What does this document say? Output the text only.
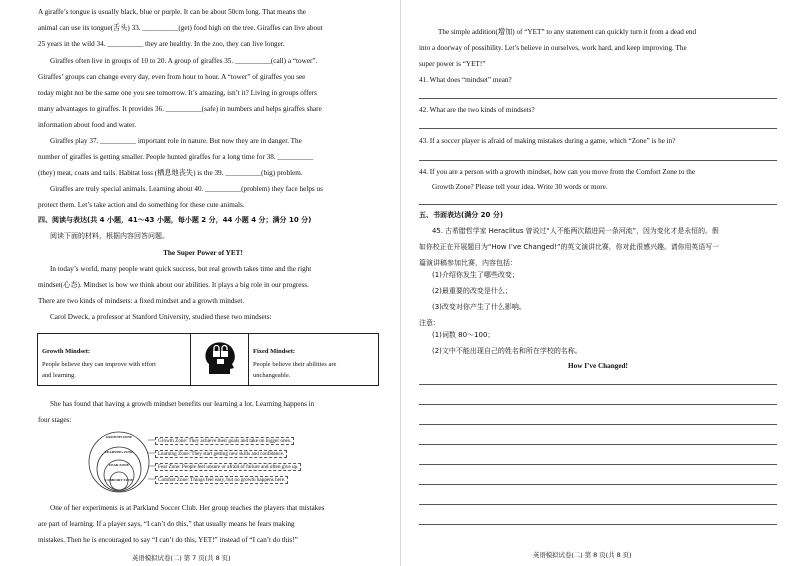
A giraffe’s tongue is usually black, blue or purple. It can be about 50cm long. That means the
animal can use its tongue(舌头) 33. __________(get) food high on the tree. Giraffes can live about
25 years in the wild 34. __________ they are healthy. In the zoo, they can live longer.
Giraffes often live in groups of 10 to 20. A group of giraffes 35. __________(call) a “tower”.
Giraffes’ groups can change every day, even from hour to hour. A “tower” of giraffes you see
today might not be the same one you see tomorrow. It’s amazing, isn’t it? Living in groups offers
many advantages to giraffes. It provides 36. __________(safe) in numbers and helps giraffes share
information about food and water.
Giraffes play 37. __________ important role in nature. But now they are in danger. The
number of giraffes is getting smaller. People hunted giraffes for a long time for 38. __________
(they) meat, coats and tails. Habitat loss (栖息地丧失) is the 39. __________(big) problem.
Giraffes are truly special animals. Learning about 40. __________(problem) they face helps us
protect them. Let’s take action and do something for these cute animals.
四、阅读与表达(共 4 小题，41～43 小题，每小题 2 分，44 小题 4 分；满分 10 分)
阅读下面的材料，根据内容回答问题。
The Super Power of YET!
In today’s world, many people want quick success, but real growth takes time and the right
mindset(心态). Mindset is how we think about our abilities. It plays a big role in our progress.
There are two kinds of mindsets: a fixed mindset and a growth mindset.
Carol Dweck, a professor at Stanford University, studied these two mindsets:
Growth Mindset:
People believe they can improve with effort
and learning.
Fixed Mindset:
People believe their abilities are
unchangeable.
She has found that having a growth mindset benefits our learning a lot. Learning happens in
four stages:
GROWTH ZONE
LEARNING ZONE
FEAR ZONE
COMFORT ZONE
Growth Zone: They achieve their goals and take on bigger ones.
Learning Zone: They start getting new skills and confidence.
Fear Zone: People feel unsure or afraid of failure and often give up.
Comfort Zone: Things feel easy, but no growth happens here.
One of her experiments is at Parkland Soccer Club. Her group teaches the players that mistakes
are part of learning. If a player says, “I can’t do this,” that usually means he fears making
mistakes. Then he is encouraged to say “I can’t do this, YET!” instead of “I can’t do this!”
英语模拟试卷(二) 第 7 页(共 8 页)
The simple addition(增加) of “YET” to any statement can quickly turn it from a dead end
into a doorway of possibility. Let’s believe in ourselves, work hard, and keep improving. The
super power is “YET!”
41. What does “mindset” mean?
42. What are the two kinds of mindsets?
43. If a soccer player is afraid of making mistakes during a game, which “Zone” is he in?
44. If you are a person with a growth mindset, how can you move from the Comfort Zone to the
Growth Zone? Please tell your idea. Write 30 words or more.
五、书面表达(满分 20 分)
45. 古希腊哲学家 Heraclitus 曾说过“人不能两次踏进同一条河流”，因为变化才是永恒的。假
如你校正在开展题目为“How I’ve Changed!”的英文演讲比赛，你对此很感兴趣。请你用英语写一
篇演讲稿参加比赛，内容包括：
(1)介绍你发生了哪些改变；
(2)最重要的改变是什么；
(3)改变对你产生了什么影响。
注意：
(1)词数 80～100；
(2)文中不能出现自己的姓名和所在学校的名称。
How I’ve Changed!
英语模拟试卷(二) 第 8 页(共 8 页)
